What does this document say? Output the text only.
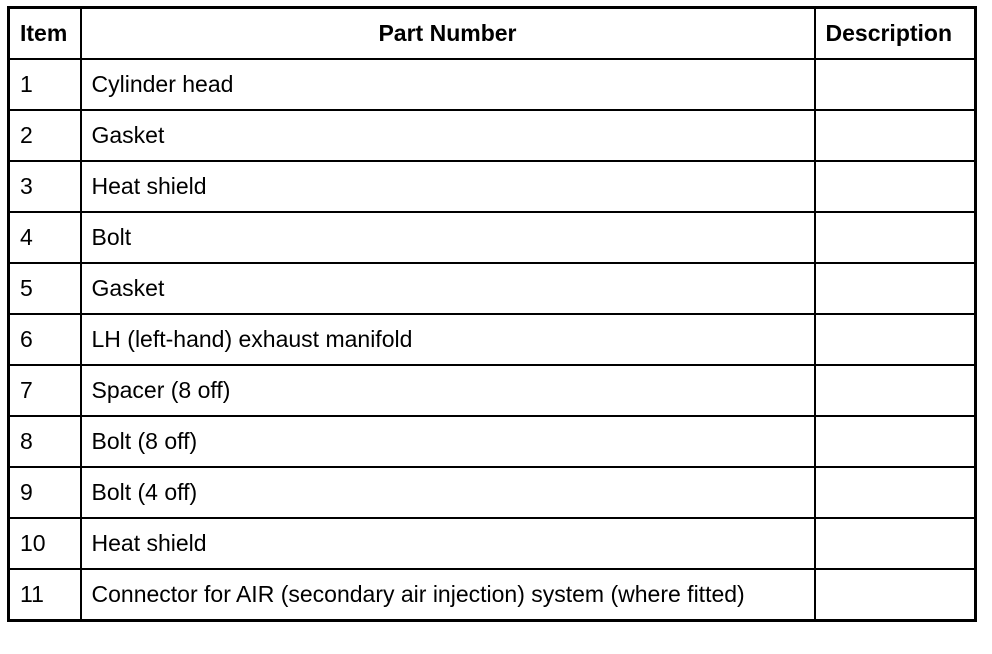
Item	Part Number	Description
1	Cylinder head	
2	Gasket	
3	Heat shield	
4	Bolt	
5	Gasket	
6	LH (left-hand) exhaust manifold	
7	Spacer (8 off)	
8	Bolt (8 off)	
9	Bolt (4 off)	
10	Heat shield	
11	Connector for AIR (secondary air injection) system (where fitted)	
